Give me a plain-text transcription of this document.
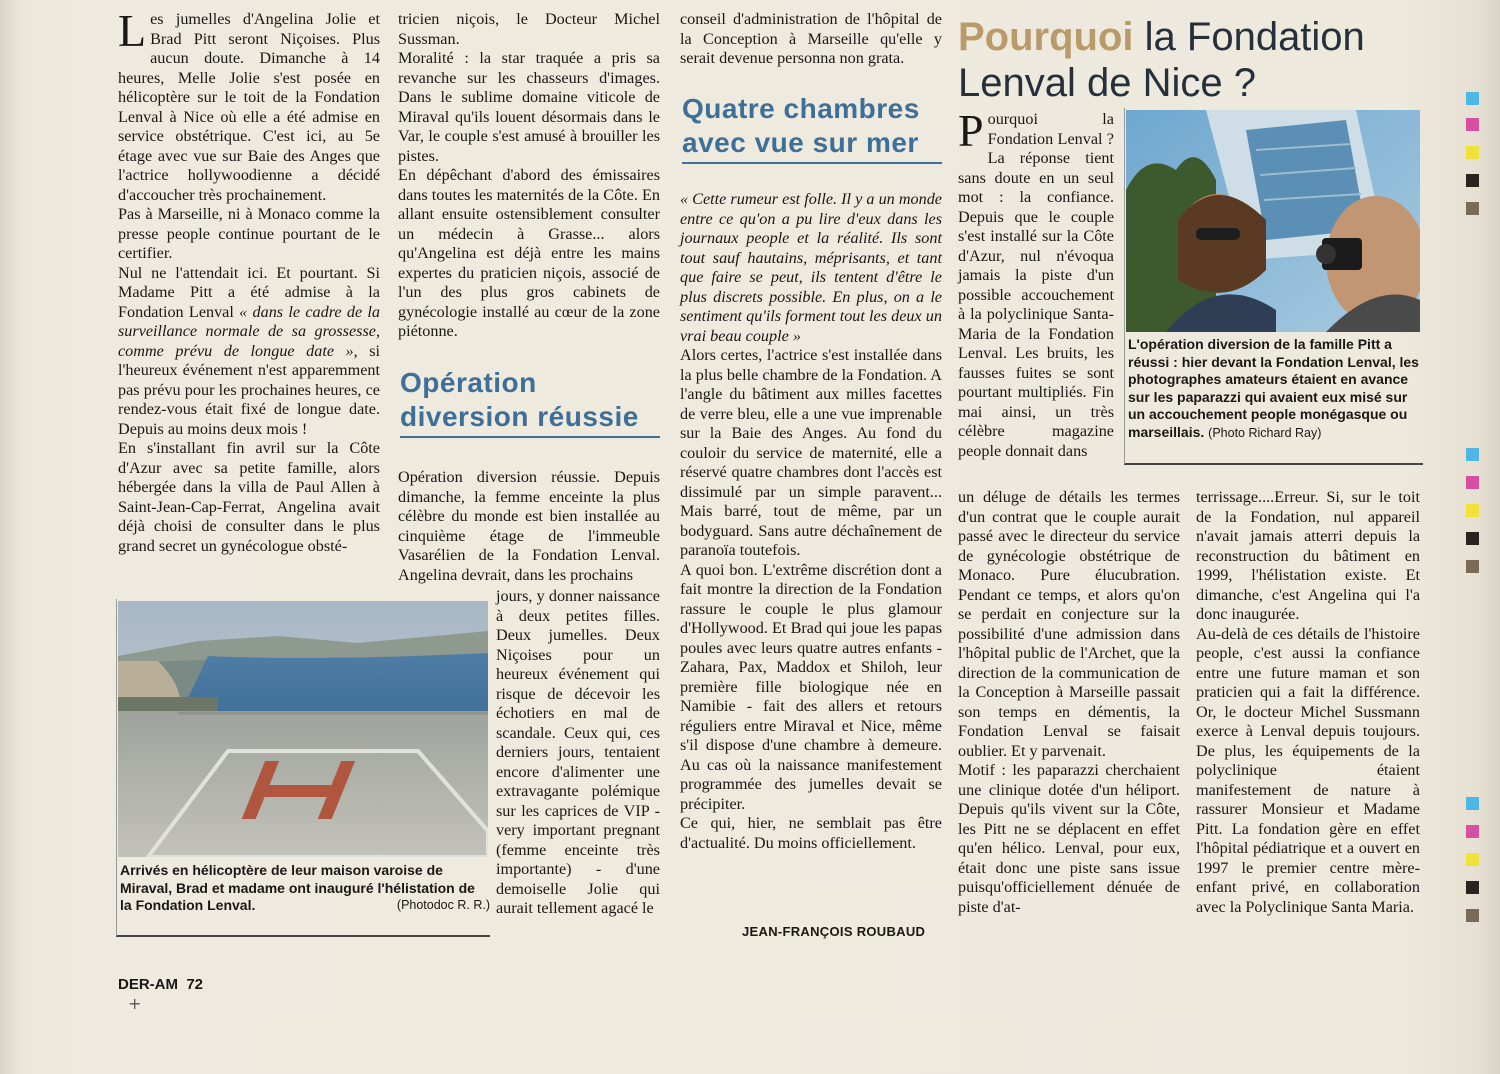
Les jumelles d'Angelina Jolie et Brad Pitt seront Niçoises. Plus aucun doute. Dimanche à 14 heures, Melle Jolie s'est posée en hélicoptère sur le toit de la Fondation Lenval à Nice où elle a été admise en service obstétrique. C'est ici, au 5e étage avec vue sur Baie des Anges que l'actrice hollywoodienne a décidé d'accoucher très prochainement.

Pas à Marseille, ni à Monaco comme la presse people continue pourtant de le certifier.

Nul ne l'attendait ici. Et pourtant. Si Madame Pitt a été admise à la Fondation Lenval « dans le cadre de la surveillance normale de sa grossesse, comme prévu de longue date », si l'heureux événement n'est apparemment pas prévu pour les prochaines heures, ce rendez-vous était fixé de longue date. Depuis au moins deux mois !

En s'installant fin avril sur la Côte d'Azur avec sa petite famille, alors hébergée dans la villa de Paul Allen à Saint-Jean-Cap-Ferrat, Angelina avait déjà choisi de consulter dans le plus grand secret un gynécologue obsté-

tricien niçois, le Docteur Michel Sussman.

Moralité : la star traquée a pris sa revanche sur les chasseurs d'images. Dans le sublime domaine viticole de Miraval qu'ils louent désormais dans le Var, le couple s'est amusé à brouiller les pistes.

En dépêchant d'abord des émissaires dans toutes les maternités de la Côte. En allant ensuite ostensiblement consulter un médecin à Grasse... alors qu'Angelina est déjà entre les mains expertes du praticien niçois, associé de l'un des plus gros cabinets de gynécologie installé au cœur de la zone piétonne.

Opération
diversion réussie

Opération diversion réussie. Depuis dimanche, la femme enceinte la plus célèbre du monde est bien installée au cinquième étage de l'immeuble Vasarélien de la Fondation Lenval. Angelina devrait, dans les prochains

jours, y donner naissance à deux petites filles. Deux jumelles. Deux Niçoises pour un heureux événement qui risque de décevoir les échotiers en mal de scandale. Ceux qui, ces derniers jours, tentaient encore d'alimenter une extravagante polémique sur les caprices de VIP - very important pregnant (femme enceinte très importante) - d'une demoiselle Jolie qui aurait tellement agacé le

Arrivés en hélicoptère de leur maison varoise de Miraval, Brad et madame ont inauguré l'hélistation de la Fondation Lenval.	(Photodoc R. R.)

conseil d'administration de l'hôpital de la Conception à Marseille qu'elle y serait devenue personna non grata.

Quatre chambres
avec vue sur mer

« Cette rumeur est folle. Il y a un monde entre ce qu'on a pu lire d'eux dans les journaux people et la réalité. Ils sont tout sauf hautains, méprisants, et tant que faire se peut, ils tentent d'être le plus discrets possible. En plus, on a le sentiment qu'ils forment tout les deux un vrai beau couple »

Alors certes, l'actrice s'est installée dans la plus belle chambre de la Fondation. A l'angle du bâtiment aux milles facettes de verre bleu, elle a une vue imprenable sur la Baie des Anges. Au fond du couloir du service de maternité, elle a réservé quatre chambres dont l'accès est dissimulé par un simple paravent... Mais barré, tout de même, par un bodyguard. Sans autre déchaînement de paranoïa toutefois.

A quoi bon. L'extrême discrétion dont a fait montre la direction de la Fondation rassure le couple le plus glamour d'Hollywood. Et Brad qui joue les papas poules avec leurs quatre autres enfants - Zahara, Pax, Maddox et Shiloh, leur première fille biologique née en Namibie - fait des allers et retours réguliers entre Miraval et Nice, même s'il dispose d'une chambre à demeure. Au cas où la naissance manifestement programmée des jumelles devait se précipiter.

Ce qui, hier, ne semblait pas être d'actualité. Du moins officiellement.

JEAN-FRANÇOIS ROUBAUD
Pourquoi la Fondation
Lenval de Nice ?
L'opération diversion de la famille Pitt a réussi : hier devant la Fondation Lenval, les photographes amateurs étaient en avance sur les paparazzi qui avaient eux misé sur un accouchement people monégasque ou marseillais. (Photo Richard Ray)

Pourquoi la Fondation Lenval ? La réponse tient sans doute en un seul mot : la confiance. Depuis que le couple s'est installé sur la Côte d'Azur, nul n'évoqua jamais la piste d'un possible accouchement à la polyclinique Santa-Maria de la Fondation Lenval. Les bruits, les fausses fuites se sont pourtant multipliés. Fin mai ainsi, un très célèbre magazine people donnait dans

un déluge de détails les termes d'un contrat que le couple aurait passé avec le directeur du service de gynécologie obstétrique de Monaco. Pure élucubration. Pendant ce temps, et alors qu'on se perdait en conjecture sur la possibilité d'une admission dans l'hôpital public de l'Archet, que la direction de la communication de la Conception à Marseille passait son temps en démentis, la Fondation Lenval se faisait oublier. Et y parvenait.

Motif : les paparazzi cherchaient une clinique dotée d'un héliport. Depuis qu'ils vivent sur la Côte, les Pitt ne se déplacent en effet qu'en hélico. Lenval, pour eux, était donc une piste sans issue puisqu'officiellement dénuée de piste d'at-

terrissage....Erreur. Si, sur le toit de la Fondation, nul appareil n'avait jamais atterri depuis la reconstruction du bâtiment en 1999, l'hélistation existe. Et dimanche, c'est Angelina qui l'a donc inaugurée.

Au-delà de ces détails de l'histoire people, c'est aussi la confiance entre une future maman et son praticien qui a fait la différence. Or, le docteur Michel Sussmann exerce à Lenval depuis toujours. De plus, les équipements de la polyclinique étaient manifestement de nature à rassurer Monsieur et Madame Pitt. La fondation gère en effet l'hôpital pédiatrique et a ouvert en 1997 le premier centre mère-enfant privé, en collaboration avec la Polyclinique Santa Maria.

DER-AM 72
+
